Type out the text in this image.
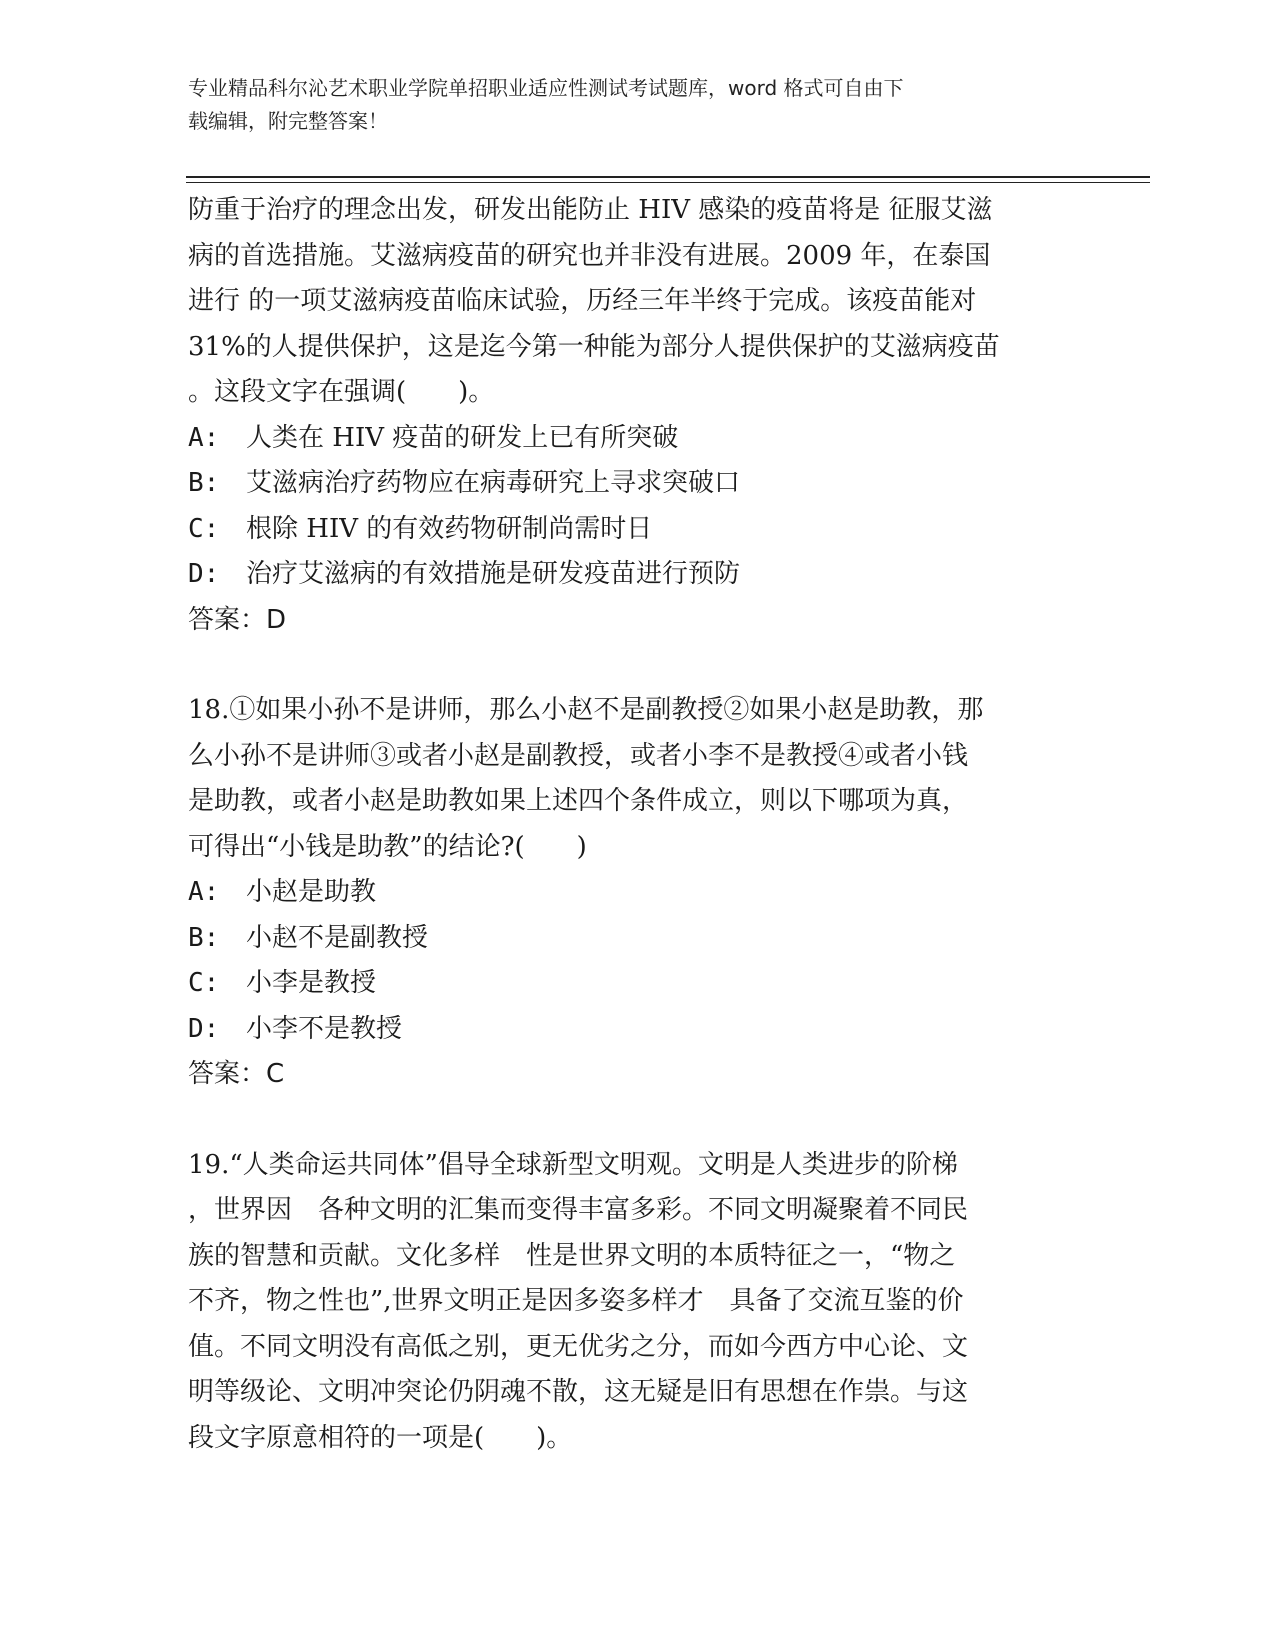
专业精品科尔沁艺术职业学院单招职业适应性测试考试题库，word 格式可自由下
载编辑，附完整答案！

防重于治疗的理念出发，研发出能防止 HIV 感染的疫苗将是 征服艾滋

病的首选措施。艾滋病疫苗的研究也并非没有进展。2009 年，在泰国

进行 的一项艾滋病疫苗临床试验，历经三年半终于完成。该疫苗能对

31%的人提供保护，这是迄今第一种能为部分人提供保护的艾滋病疫苗

。这段文字在强调(　　)。

A:	人类在 HIV 疫苗的研发上已有所突破
B:	艾滋病治疗药物应在病毒研究上寻求突破口
C:	根除 HIV 的有效药物研制尚需时日
D:	治疗艾滋病的有效措施是研发疫苗进行预防

答案：D

18.①如果小孙不是讲师，那么小赵不是副教授②如果小赵是助教，那

么小孙不是讲师③或者小赵是副教授，或者小李不是教授④或者小钱

是助教，或者小赵是助教如果上述四个条件成立，则以下哪项为真，

可得出“小钱是助教”的结论?(　　)

A:	小赵是助教
B:	小赵不是副教授
C:	小李是教授
D:	小李不是教授

答案：C

19.“人类命运共同体”倡导全球新型文明观。文明是人类进步的阶梯

，世界因　各种文明的汇集而变得丰富多彩。不同文明凝聚着不同民

族的智慧和贡献。文化多样　性是世界文明的本质特征之一，“物之

不齐，物之性也”,世界文明正是因多姿多样才　具备了交流互鉴的价

值。不同文明没有高低之别，更无优劣之分，而如今西方中心论、文

明等级论、文明冲突论仍阴魂不散，这无疑是旧有思想在作祟。与这

段文字原意相符的一项是(　　)。
